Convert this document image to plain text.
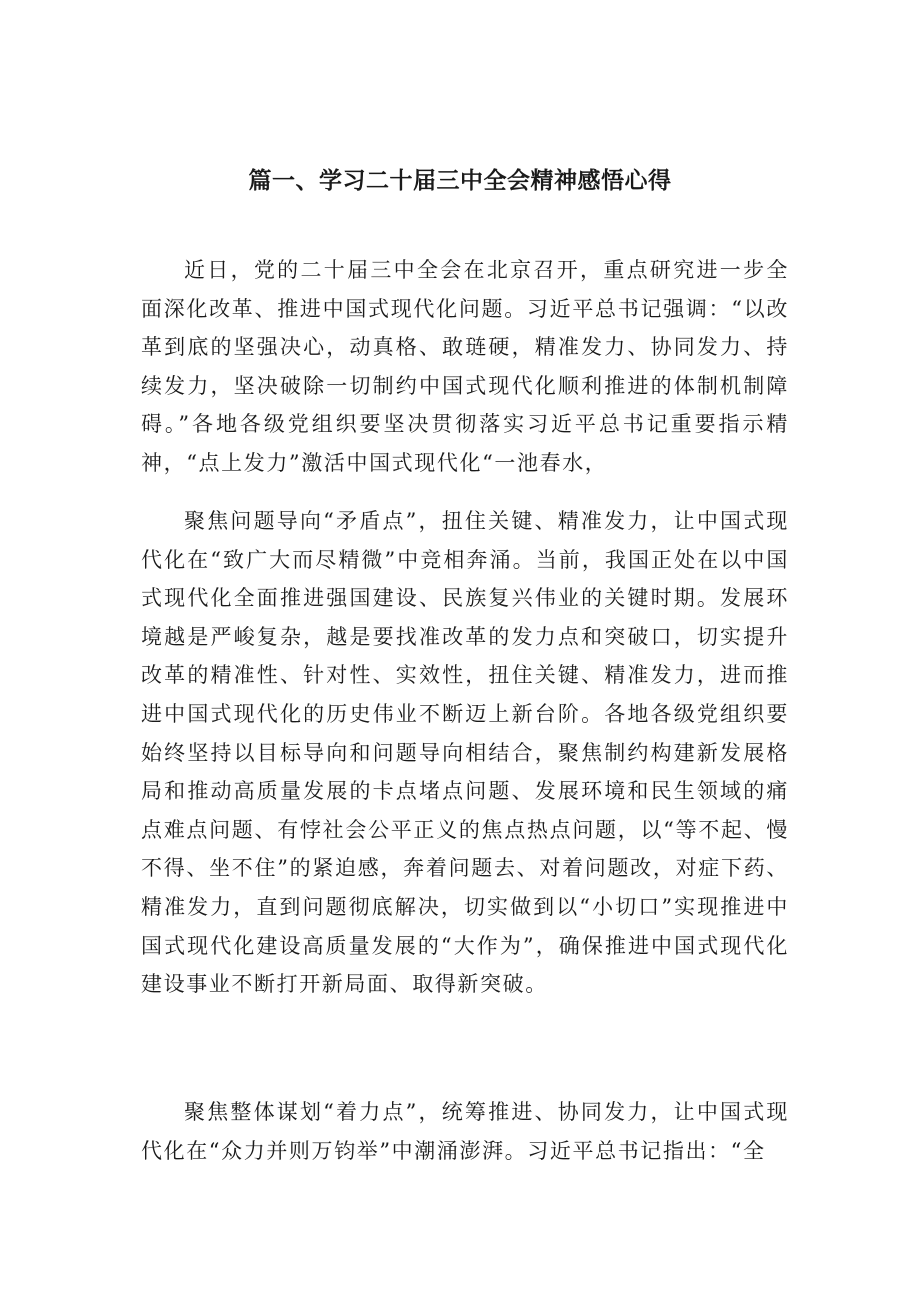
篇一、学习二十届三中全会精神感悟心得

近日，党的二十届三中全会在北京召开，重点研究进一步全面深化改革、推进中国式现代化问题。习近平总书记强调：“以改革到底的坚强决心，动真格、敢琏硬，精准发力、协同发力、持续发力，坚决破除一切制约中国式现代化顺利推进的体制机制障碍。”各地各级党组织要坚决贯彻落实习近平总书记重要指示精神，“点上发力”激活中国式现代化“一池春水，

聚焦问题导向“矛盾点”，扭住关键、精准发力，让中国式现代化在“致广大而尽精微”中竞相奔涌。当前，我国正处在以中国式现代化全面推进强国建设、民族复兴伟业的关键时期。发展环境越是严峻复杂，越是要找准改革的发力点和突破口，切实提升改革的精准性、针对性、实效性，扭住关键、精准发力，进而推进中国式现代化的历史伟业不断迈上新台阶。各地各级党组织要始终坚持以目标导向和问题导向相结合，聚焦制约构建新发展格局和推动高质量发展的卡点堵点问题、发展环境和民生领域的痛点难点问题、有悖社会公平正义的焦点热点问题，以“等不起、慢不得、坐不住”的紧迫感，奔着问题去、对着问题改，对症下药、精准发力，直到问题彻底解决，切实做到以“小切口”实现推进中国式现代化建设高质量发展的“大作为”，确保推进中国式现代化建设事业不断打开新局面、取得新突破。

聚焦整体谋划“着力点”，统筹推进、协同发力，让中国式现代化在“众力并则万钧举”中潮涌澎湃。习近平总书记指出：“全
